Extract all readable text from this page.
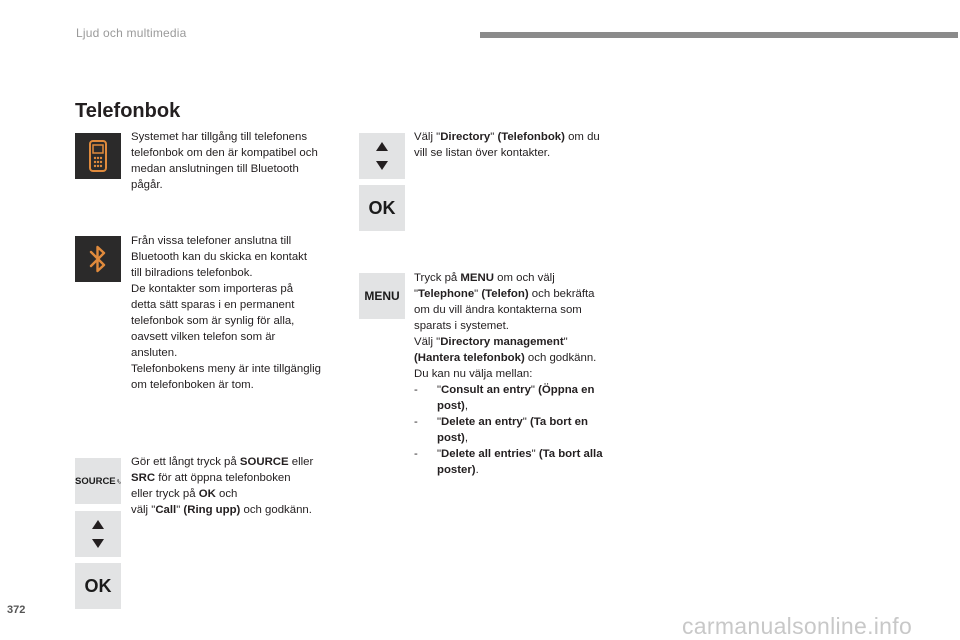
Ljud och multimedia
Telefonbok
SOURCE
OK
OK
MENU
Systemet har tillgång till telefonens
telefonbok om den är kompatibel och
medan anslutningen till Bluetooth
pågår.
Från vissa telefoner anslutna till
Bluetooth kan du skicka en kontakt
till bilradions telefonbok.
De kontakter som importeras på
detta sätt sparas i en permanent
telefonbok som är synlig för alla,
oavsett vilken telefon som är
ansluten.
Telefonbokens meny är inte tillgänglig
om telefonboken är tom.
Gör ett långt tryck på SOURCE eller
SRC för att öppna telefonboken
eller tryck på OK och
välj "Call" (Ring upp) och godkänn.
Välj "Directory" (Telefonbok) om du
vill se listan över kontakter.
Tryck på MENU om och välj
"Telephone" (Telefon) och bekräfta
om du vill ändra kontakterna som
sparats i systemet.
Välj "Directory management"
(Hantera telefonbok) och godkänn.
Du kan nu välja mellan:
- "Consult an entry" (Öppna en
post),
- "Delete an entry" (Ta bort en
post),
- "Delete all entries" (Ta bort alla
poster).
372
carmanualsonline.info
